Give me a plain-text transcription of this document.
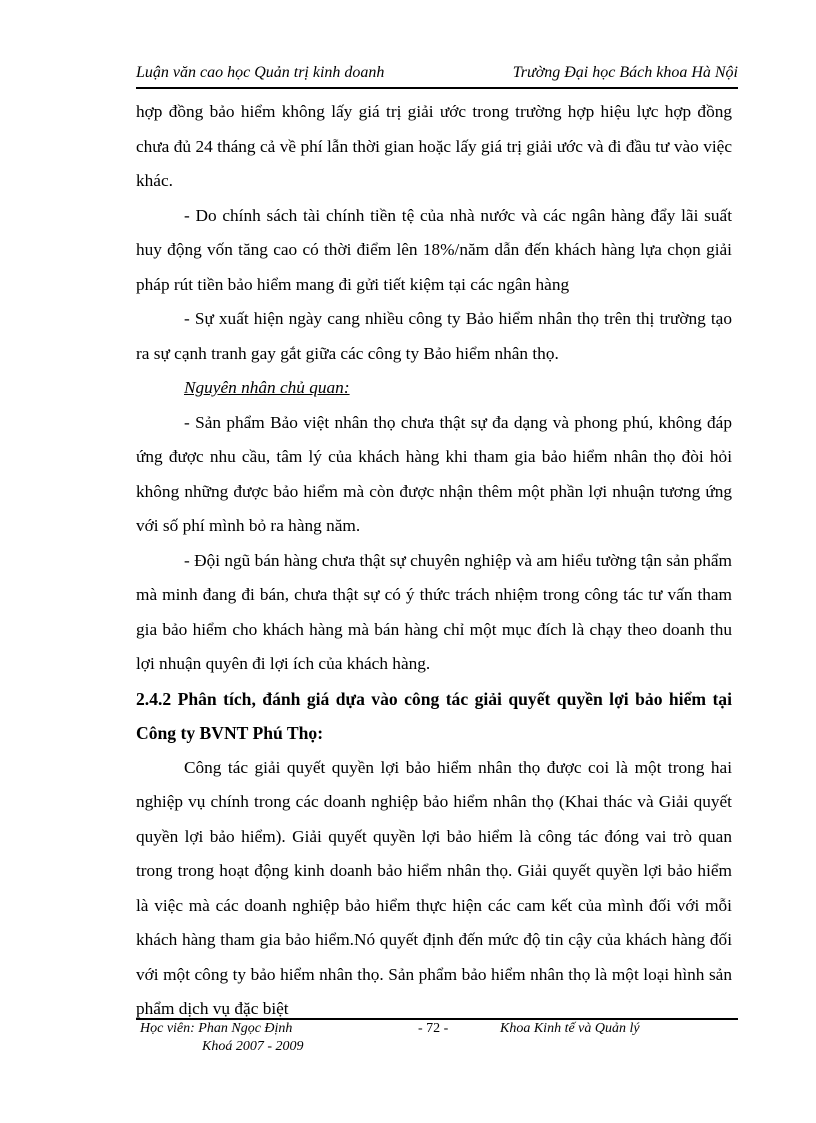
Luận văn cao học Quản trị kinh doanh	Trường Đại học Bách khoa Hà Nội

hợp đồng bảo hiểm không lấy giá trị giải ước trong trường hợp hiệu lực hợp đồng chưa đủ 24 tháng cả về phí lẫn thời gian hoặc lấy giá trị giải ước và đi đầu tư vào việc khác.

- Do chính sách tài chính tiền tệ của nhà nước và các ngân hàng đẩy lãi suất huy động vốn tăng cao có thời điểm lên 18%/năm dẫn đến khách hàng lựa chọn giải pháp rút tiền bảo hiểm mang đi gửi tiết kiệm tại các ngân hàng

- Sự xuất hiện ngày cang nhiều công ty Bảo hiểm nhân thọ trên thị trường tạo ra sự cạnh tranh gay gắt giữa các công ty Bảo hiểm nhân thọ.

Nguyên nhân chủ quan:

- Sản phẩm Bảo việt nhân thọ chưa thật sự đa dạng và phong phú, không đáp ứng được nhu cầu, tâm lý của khách hàng khi tham gia bảo hiểm nhân thọ đòi hỏi không những được bảo hiểm mà còn được nhận thêm một phần lợi nhuận tương ứng với số phí mình bỏ ra hàng năm.

- Đội ngũ bán hàng chưa thật sự chuyên nghiệp và am hiểu tường tận sản phẩm mà minh đang đi bán, chưa thật sự có ý thức trách nhiệm trong công tác tư vấn tham gia bảo hiểm cho khách hàng mà bán hàng chỉ một mục đích là chạy theo doanh thu lợi nhuận quyên đi lợi ích của khách hàng.

2.4.2 Phân tích, đánh giá dựa vào công tác giải quyết quyền lợi bảo hiểm tại Công ty BVNT Phú Thọ:

Công tác giải quyết quyền lợi bảo hiểm nhân thọ được coi là một trong hai nghiệp vụ chính trong các doanh nghiệp bảo hiểm nhân thọ (Khai thác và Giải quyết quyền lợi bảo hiểm). Giải quyết quyền lợi bảo hiểm là công tác đóng vai trò quan trong trong hoạt động kinh doanh bảo hiểm nhân thọ. Giải quyết quyền lợi bảo hiểm là việc mà các doanh nghiệp bảo hiểm thực hiện các cam kết của mình đối với mỗi khách hàng tham gia bảo hiểm.Nó quyết định đến mức độ tin cậy của khách hàng đối với một công ty bảo hiểm nhân thọ. Sản phẩm bảo hiểm nhân thọ là một loại hình sản phẩm dịch vụ đặc biệt

Học viên: Phan Ngọc Định
Khoá 2007 - 2009
- 72 -	Khoa Kinh tế và Quản lý
